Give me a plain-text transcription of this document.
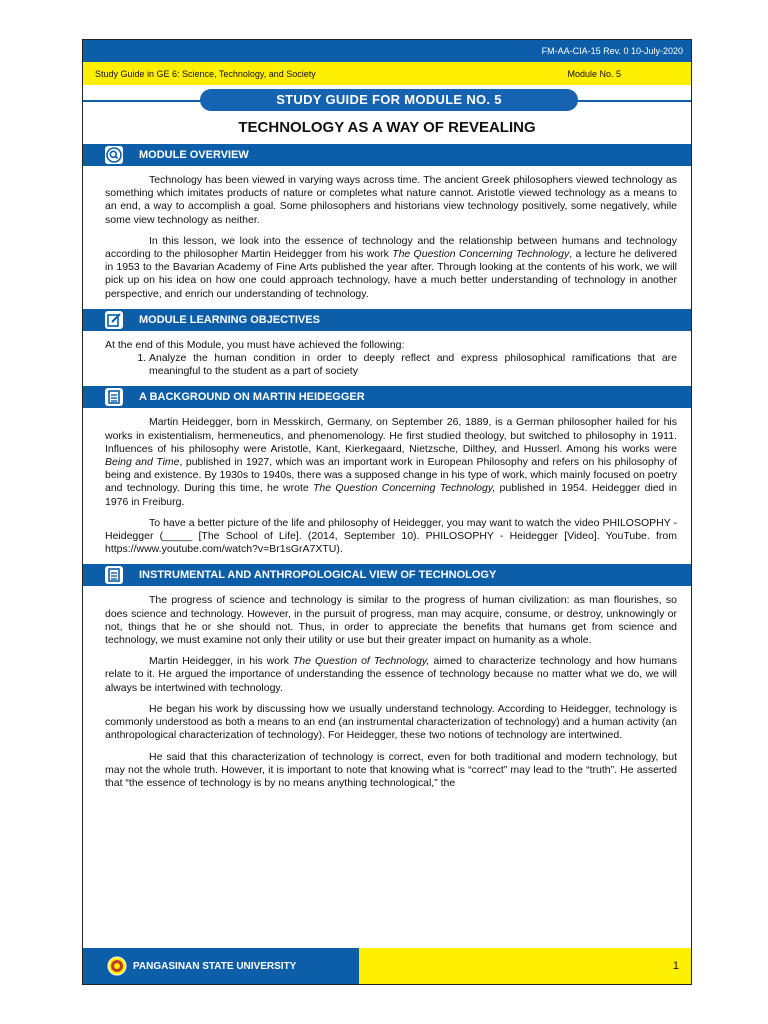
FM-AA-CIA-15 Rev. 0 10-July-2020
Study Guide in GE 6: Science, Technology, and Society	Module No. 5
STUDY GUIDE FOR MODULE NO. 5
TECHNOLOGY AS A WAY OF REVEALING
MODULE OVERVIEW

Technology has been viewed in varying ways across time. The ancient Greek philosophers viewed technology as something which imitates products of nature or completes what nature cannot. Aristotle viewed technology as a means to an end, a way to accomplish a goal. Some philosophers and historians view technology positively, some negatively, while some view technology as neither.

In this lesson, we look into the essence of technology and the relationship between humans and technology according to the philosopher Martin Heidegger from his work The Question Concerning Technology, a lecture he delivered in 1953 to the Bavarian Academy of Fine Arts published the year after. Through looking at the contents of his work, we will pick up on his idea on how one could approach technology, have a much better understanding of technology in another perspective, and enrich our understanding of technology.

MODULE LEARNING OBJECTIVES

At the end of this Module, you must have achieved the following:

1. Analyze the human condition in order to deeply reflect and express philosophical ramifications that are meaningful to the student as a part of society
A BACKGROUND ON MARTIN HEIDEGGER

Martin Heidegger, born in Messkirch, Germany, on September 26, 1889, is a German philosopher hailed for his works in existentialism, hermeneutics, and phenomenology. He first studied theology, but switched to philosophy in 1911. Influences of his philosophy were Aristotle, Kant, Kierkegaard, Nietzsche, Dilthey, and Husserl. Among his works were Being and Time, published in 1927, which was an important work in European Philosophy and refers on his philosophy of being and existence. By 1930s to 1940s, there was a supposed change in his type of work, which mainly focused on poetry and technology. During this time, he wrote The Question Concerning Technology, published in 1954. Heidegger died in 1976 in Freiburg.

To have a better picture of the life and philosophy of Heidegger, you may want to watch the video PHILOSOPHY - Heidegger (_____ [The School of Life]. (2014, September 10). PHILOSOPHY - Heidegger [Video]. YouTube. from https://www.youtube.com/watch?v=Br1sGrA7XTU).

INSTRUMENTAL AND ANTHROPOLOGICAL VIEW OF TECHNOLOGY

The progress of science and technology is similar to the progress of human civilization: as man flourishes, so does science and technology. However, in the pursuit of progress, man may acquire, consume, or destroy, unknowingly or not, things that he or she should not. Thus, in order to appreciate the benefits that humans get from science and technology, we must examine not only their utility or use but their greater impact on humanity as a whole.

Martin Heidegger, in his work The Question of Technology, aimed to characterize technology and how humans relate to it. He argued the importance of understanding the essence of technology because no matter what we do, we will always be intertwined with technology.

He began his work by discussing how we usually understand technology. According to Heidegger, technology is commonly understood as both a means to an end (an instrumental characterization of technology) and a human activity (an anthropological characterization of technology). For Heidegger, these two notions of technology are intertwined.

He said that this characterization of technology is correct, even for both traditional and modern technology, but may not the whole truth. However, it is important to note that knowing what is “correct” may lead to the “truth”. He asserted that “the essence of technology is by no means anything technological,” the

PANGASINAN STATE UNIVERSITY	1
